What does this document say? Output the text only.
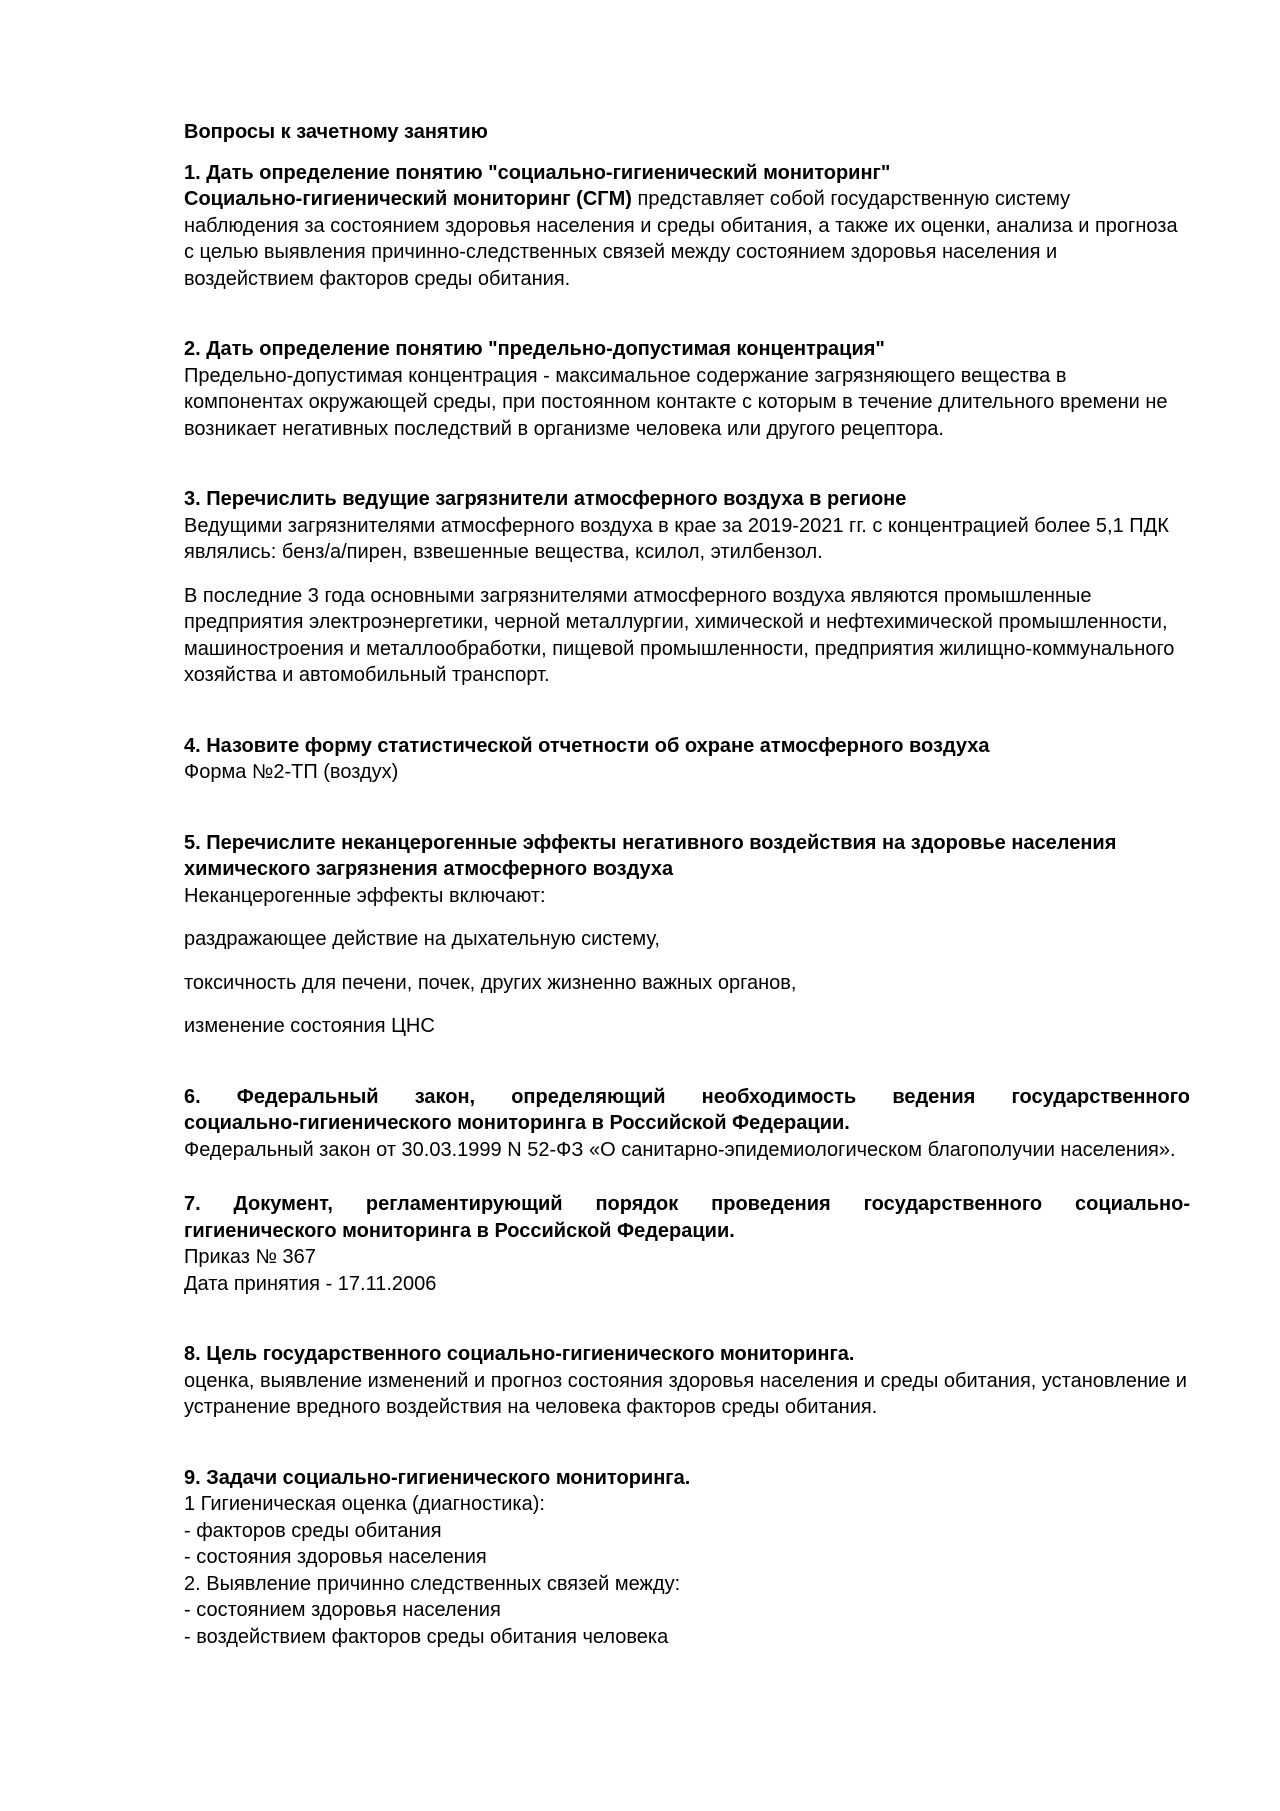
Вопросы к зачетному занятию

1. Дать определение понятию "социально-гигиенический мониторинг"

Социально-гигиенический мониторинг (СГМ) представляет собой государственную систему наблюдения за состоянием здоровья населения и среды обитания, а также их оценки, анализа и прогноза с целью выявления причинно-следственных связей между состоянием здоровья населения и воздействием факторов среды обитания.

2. Дать определение понятию "предельно-допустимая концентрация"

Предельно-допустимая концентрация - максимальное содержание загрязняющего вещества в компонентах окружающей среды, при постоянном контакте с которым в течение длительного времени не возникает негативных последствий в организме человека или другого рецептора.

3. Перечислить ведущие загрязнители атмосферного воздуха в регионе

Ведущими загрязнителями атмосферного воздуха в крае за 2019-2021 гг. с концентрацией более 5,1 ПДК являлись: бенз/а/пирен, взвешенные вещества, ксилол, этилбензол.

В последние 3 года основными загрязнителями атмосферного воздуха являются промышленные предприятия электроэнергетики, черной металлургии, химической и нефтехимической промышленности, машиностроения и металлообработки, пищевой промышленности, предприятия жилищно-коммунального хозяйства и автомобильный транспорт.

4. Назовите форму статистической отчетности об охране атмосферного воздуха

Форма №2-ТП (воздух)

5. Перечислите неканцерогенные эффекты негативного воздействия на здоровье населения химического загрязнения атмосферного воздуха

Неканцерогенные эффекты включают:

раздражающее действие на дыхательную систему,

токсичность для печени, почек, других жизненно важных органов,

изменение состояния ЦНС

6. Федеральный закон, определяющий необходимость ведения государственного
социально-гигиенического мониторинга в Российской Федерации.

Федеральный закон от 30.03.1999 N 52-ФЗ «О санитарно-эпидемиологическом благополучии населения».

7. Документ, регламентирующий порядок проведения государственного социально-
гигиенического мониторинга в Российской Федерации.

Приказ № 367

Дата принятия - 17.11.2006

8. Цель государственного социально-гигиенического мониторинга.

оценка, выявление изменений и прогноз состояния здоровья населения и среды обитания, установление и устранение вредного воздействия на человека факторов среды обитания.

9. Задачи социально-гигиенического мониторинга.

1 Гигиеническая оценка (диагностика):

- факторов среды обитания

- состояния здоровья населения

2. Выявление причинно следственных связей между:

- состоянием здоровья населения

- воздействием факторов среды обитания человека
